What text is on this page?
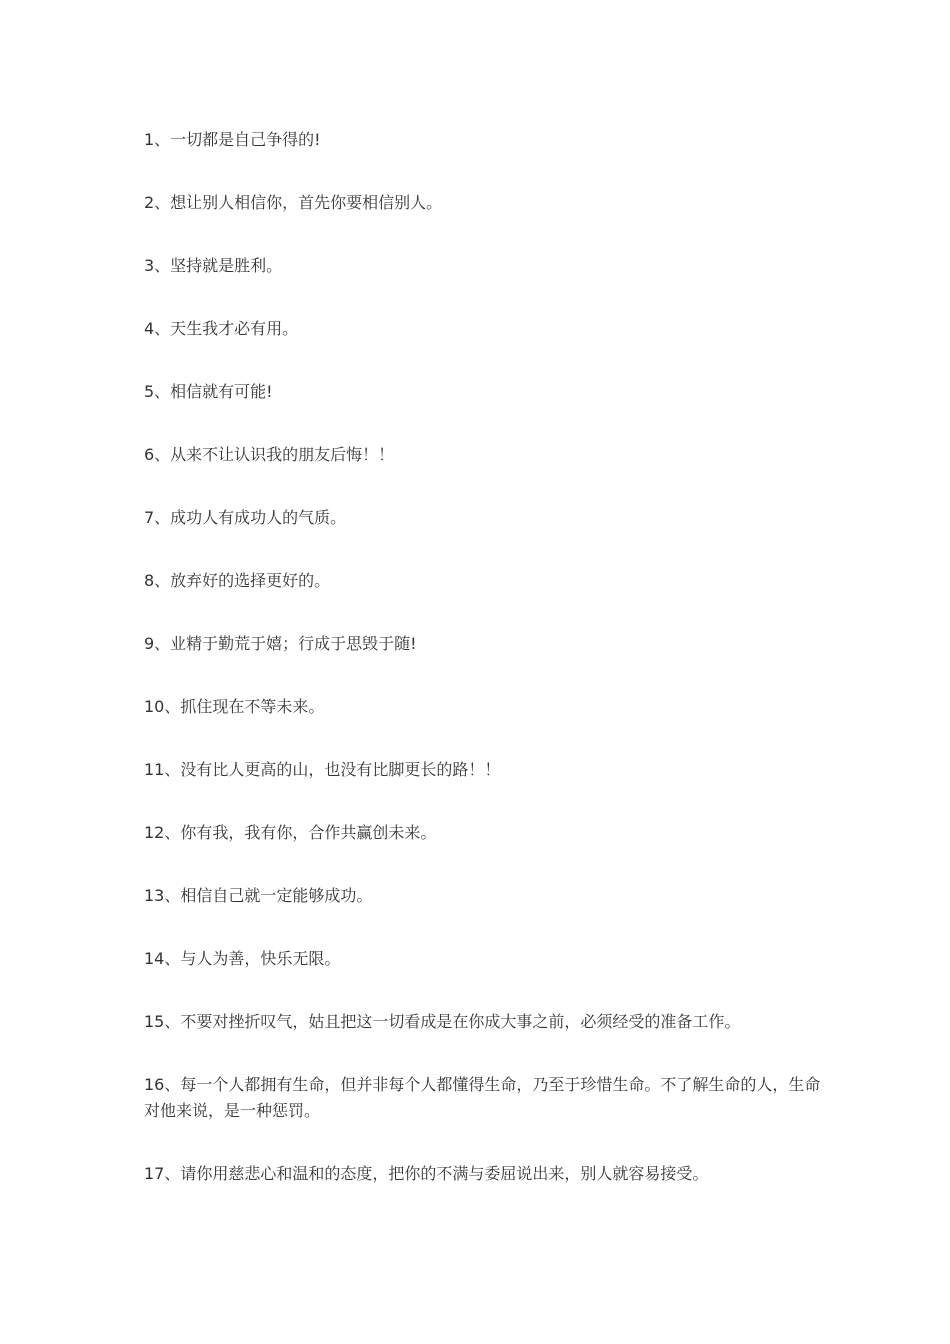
1、一切都是自己争得的!
2、想让别人相信你，首先你要相信别人。
3、坚持就是胜利。
4、天生我才必有用。
5、相信就有可能!
6、从来不让认识我的朋友后悔！！
7、成功人有成功人的气质。
8、放弃好的选择更好的。
9、业精于勤荒于嬉；行成于思毁于随!
10、抓住现在不等未来。
11、没有比人更高的山，也没有比脚更长的路！！
12、你有我，我有你，合作共赢创未来。
13、相信自己就一定能够成功。
14、与人为善，快乐无限。
15、不要对挫折叹气，姑且把这一切看成是在你成大事之前，必须经受的准备工作。
16、每一个人都拥有生命，但并非每个人都懂得生命，乃至于珍惜生命。不了解生命的人，生命对他来说，是一种惩罚。
17、请你用慈悲心和温和的态度，把你的不满与委屈说出来，别人就容易接受。
